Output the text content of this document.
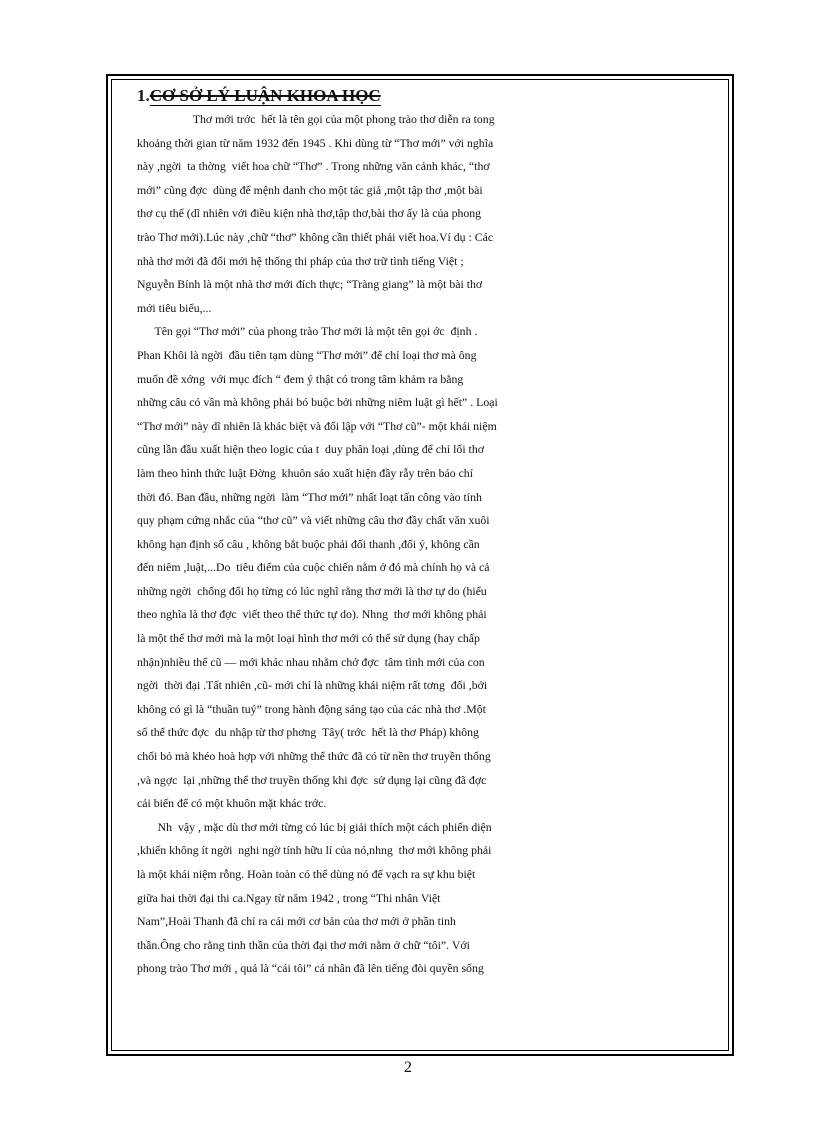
1.CƠ SỞ LÝ LUẬN KHOA HỌC
Thơ mới trớc  hết là tên gọi của một phong trào thơ diễn ra tong
khoảng thời gian từ năm 1932 đến 1945 . Khi dùng từ “Thơ mới” với nghĩa
này ,ngời  ta thờng  viết hoa chữ “Thơ” . Trong những văn cảnh khác, “thơ
mới” cũng đợc  dùng để mệnh danh cho một tác giả ,một tập thơ ,một bài
thơ cụ thể (dĩ nhiên với điều kiện nhà thơ,tập thơ,bài thơ ấy là của phong
trào Thơ mới).Lúc này ,chữ “thơ” không cần thiết phải viết hoa.Ví dụ : Các
nhà thơ mới đã đổi mới hệ thống thi pháp của thơ trữ tình tiếng Việt ;
Nguyễn Bính là một nhà thơ mới đích thực; “Tràng giang” là một bài thơ
mới tiêu biểu,...
Tên gọi “Thơ mới” của phong trào Thơ mới là một tên gọi ớc  định .
Phan Khôi là ngời  đầu tiên tạm dùng “Thơ mới” để chỉ loại thơ mà ông
muốn đề xớng  với mục đích “ đem ý thật có trong tâm khảm ra bằng
những câu có vần mà không phải bó buộc bởi những niêm luật gì hết” . Loại
“Thơ mới” này dĩ nhiên là khác biệt và đối lập với “Thơ cũ”- một khái niệm
cũng lần đầu xuất hiện theo logic của t  duy phân loại ,dùng để chỉ lối thơ
làm theo hình thức luật Đờng  khuôn sáo xuất hiện đầy rẫy trên báo chí
thời đó. Ban đầu, những ngời  làm “Thơ mới” nhất loạt tấn công vào tính
quy phạm cứng nhắc của “thơ cũ” và viết những câu thơ đầy chất văn xuôi
không hạn định số câu , không bắt buộc phải đối thanh ,đối ý, không cần
đến niêm ,luật,...Do  tiêu điểm của cuộc chiến nằm ở đó mà chính họ và cả
những ngời  chống đối họ từng có lúc nghĩ rằng thơ mới là thơ tự do (hiểu
theo nghĩa là thơ đợc  viết theo thể thức tự do). Nhng  thơ mới không phải
là một thể thơ mới mà la một loại hình thơ mới có thể sử dụng (hay chấp
nhận)nhiều thể cũ — mới khác nhau nhằm chở đợc  tâm tình mới của con
ngời  thời đại .Tất nhiên ,cũ- mới chỉ là những khái niệm rất tơng  đối ,bởi
không có gì là “thuần tuý” trong hành động sáng tạo của các nhà thơ .Một
số thể thức đợc  du nhập từ thơ phơng  Tây( trớc  hết là thơ Pháp) không
chối bỏ mà khéo hoà hợp với những thể thức đã có từ nền thơ truyền thống
,và ngợc  lại ,những thể thơ truyền thống khi đợc  sử dụng lại cũng đã đợc
cải biến để có một khuôn mặt khác trớc.
Nh  vậy , mặc dù thơ mới từng có lúc bị giải thích một cách phiến diện
,khiến không ít ngời  nghi ngờ tính hữu lí của nó,nhng  thơ mới không phải
là một khái niệm rỗng. Hoàn toàn có thể dùng nó để vạch ra sự khu biệt
giữa hai thời đại thi ca.Ngay từ năm 1942 , trong “Thi nhân Việt
Nam”,Hoài Thanh đã chỉ ra cái mới cơ bản của thơ mới ở phần tinh
thần.Ông cho rằng tinh thần của thời đại thơ mới nằm ở chữ “tôi”. Với
phong trào Thơ mới , quả là “cái tôi” cá nhân đã lên tiếng đòi quyền sống
2
